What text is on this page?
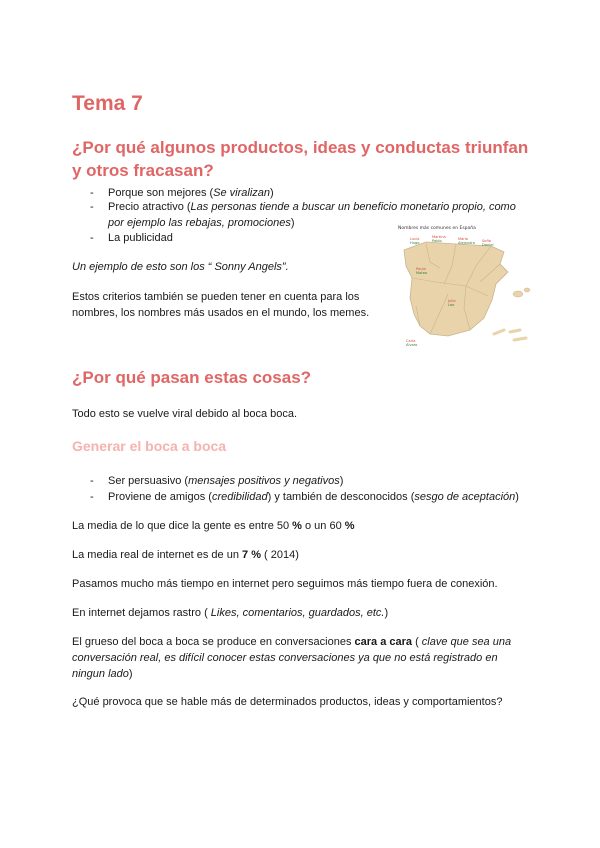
Tema 7
¿Por qué algunos productos, ideas y conductas triunfan y otros fracasan?
- Porque son mejores (Se viralizan)
- Precio atractivo (Las personas tiende a buscar un beneficio monetario propio, como por ejemplo las rebajas, promociones)
- La publicidad

Un ejemplo de esto son los “ Sonny Angels”.

Estos criterios también se pueden tener en cuenta para los nombres, los nombres más usados en el mundo, los memes.

Nombres más comunes en España
Lucía
Hugo
Martina
Pablo	María
Alejandro Sofía
Daniel
Paula
Mateo
Julia
Leo
Carla
Álvaro
¿Por qué pasan estas cosas?

Todo esto se vuelve viral debido al boca boca.

Generar el boca a boca
- Ser persuasivo (mensajes positivos y negativos)
- Proviene de amigos (credibilidad) y también de desconocidos (sesgo de aceptación)

La media de lo que dice la gente es entre 50 % o un 60 %

La media real de internet es de un 7 % ( 2014)

Pasamos mucho más tiempo en internet pero seguimos más tiempo fuera de conexión.

En internet dejamos rastro ( Likes, comentarios, guardados, etc.)

El grueso del boca a boca se produce en conversaciones cara a cara ( clave que sea una conversación real, es difícil conocer estas conversaciones ya que no está registrado en ningun lado)

¿Qué provoca que se hable más de determinados productos, ideas y comportamientos?
